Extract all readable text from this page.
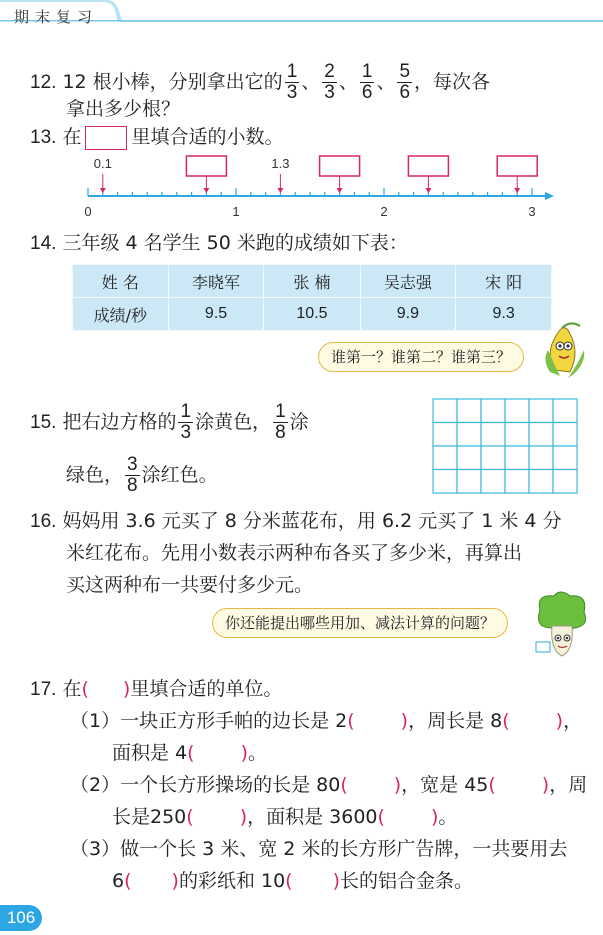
期末复习
12. 12 根小棒，分别拿出它的 $\frac{1}{3}$ 、 $\frac{2}{3}$ 、 $\frac{1}{6}$ 、 $\frac{5}{6}$ ，每次各
拿出多少根？
13. 在	里填合适的小数。
0	1	2	3
0.1	1.3
14. 三年级 4 名学生 50 米跑的成绩如下表：
姓 名	李晓军	张 楠	吴志强	宋 阳
成绩/秒	9.5	10.5	9.9	9.3
谁第一？谁第二？谁第三？
15. 把右边方格的 $\frac{1}{3}$ 涂黄色， $\frac{1}{8}$ 涂
绿色， $\frac{3}{8}$ 涂红色。
16. 妈妈用 3.6 元买了 8 分米蓝花布，用 6.2 元买了 1 米 4 分
米红花布。先用小数表示两种布各买了多少米，再算出
买这两种布一共要付多少元。
你还能提出哪些用加、减法计算的问题？
17. 在( )里填合适的单位。
（1）一块正方形手帕的边长是 2( )，周长是 8( )，
面积是 4( )。
（2）一个长方形操场的长是 80( )，宽是 45( )，周
长是250( )，面积是 3600( )。
（3）做一个长 3 米、宽 2 米的长方形广告牌，一共要用去
6( )的彩纸和 10( )长的铝合金条。
106
